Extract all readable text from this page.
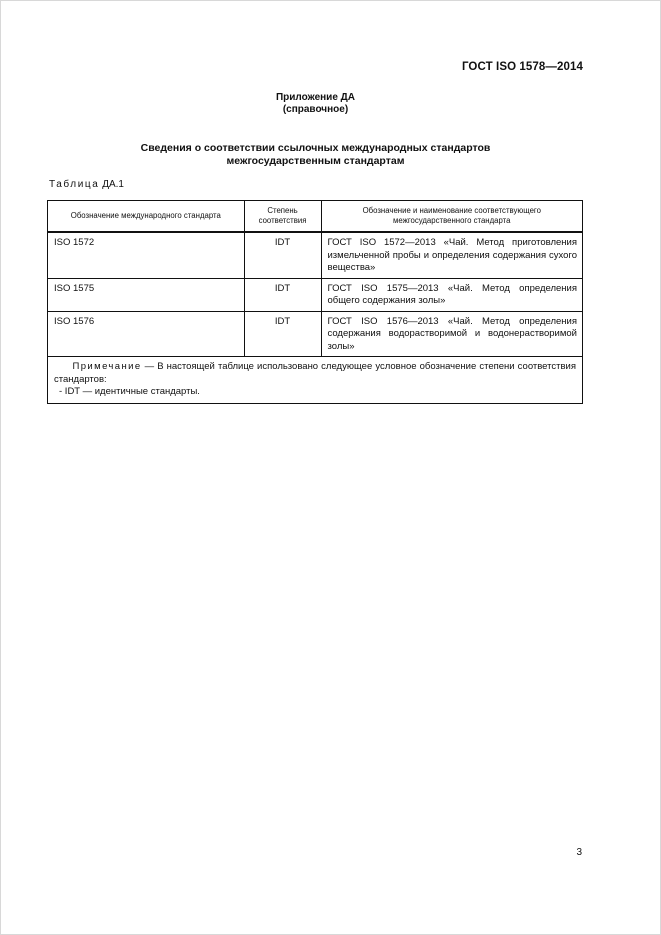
ГОСТ ISO 1578—2014
Приложение ДА
(справочное)
Сведения о соответствии ссылочных международных стандартов
межгосударственным стандартам
Таблица ДА.1
Обозначение международного стандарта	Степень соответствия	Обозначение и наименование соответствующего межгосударственного стандарта
ISO 1572	IDT	ГОСТ ISO 1572—2013 «Чай. Метод приготовления измельченной пробы и определения содержания сухого вещества»
ISO 1575	IDT	ГОСТ ISO 1575—2013 «Чай. Метод определения общего содержания золы»
ISO 1576	IDT	ГОСТ ISO 1576—2013 «Чай. Метод определения содержания водорастворимой и водонерастворимой золы»

Примечание — В настоящей таблице использовано следующее условное обозначение степени соответствия стандартов:
- IDT — идентичные стандарты.		
3
